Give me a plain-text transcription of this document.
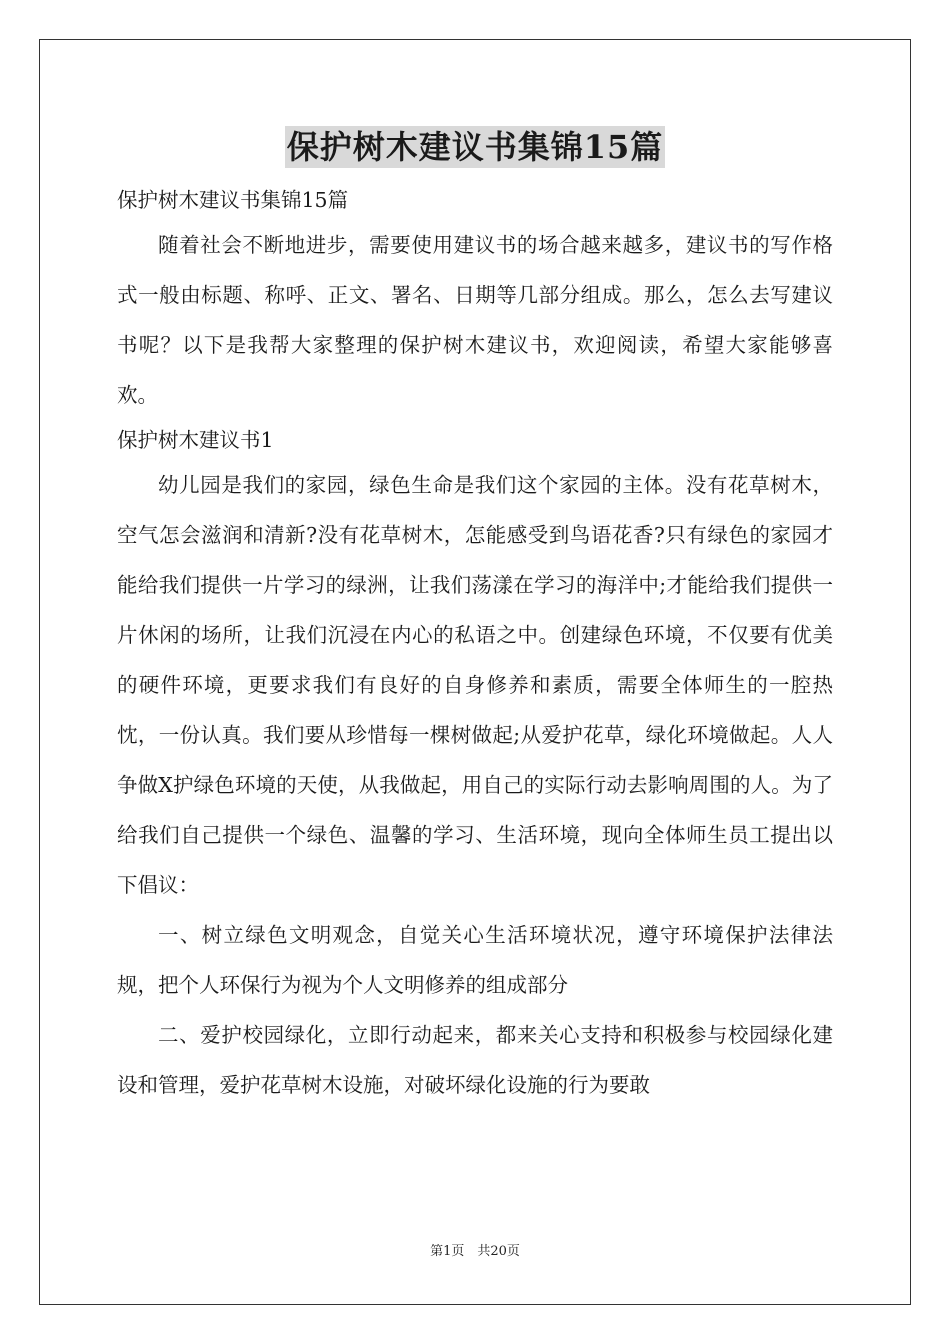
保护树木建议书集锦15篇

保护树木建议书集锦15篇

随着社会不断地进步，需要使用建议书的场合越来越多，建议书的写作格式一般由标题、称呼、正文、署名、日期等几部分组成。那么，怎么去写建议书呢？以下是我帮大家整理的保护树木建议书，欢迎阅读，希望大家能够喜欢。

保护树木建议书1

幼儿园是我们的家园，绿色生命是我们这个家园的主体。没有花草树木，空气怎会滋润和清新?没有花草树木，怎能感受到鸟语花香?只有绿色的家园才能给我们提供一片学习的绿洲，让我们荡漾在学习的海洋中;才能给我们提供一片休闲的场所，让我们沉浸在内心的私语之中。创建绿色环境，不仅要有优美的硬件环境，更要求我们有良好的自身修养和素质，需要全体师生的一腔热忱，一份认真。我们要从珍惜每一棵树做起;从爱护花草，绿化环境做起。人人争做X护绿色环境的天使，从我做起，用自己的实际行动去影响周围的人。为了给我们自己提供一个绿色、温馨的学习、生活环境，现向全体师生员工提出以下倡议：

一、树立绿色文明观念，自觉关心生活环境状况，遵守环境保护法律法规，把个人环保行为视为个人文明修养的组成部分

二、爱护校园绿化，立即行动起来，都来关心支持和积极参与校园绿化建设和管理，爱护花草树木设施，对破坏绿化设施的行为要敢

第1页　共20页
